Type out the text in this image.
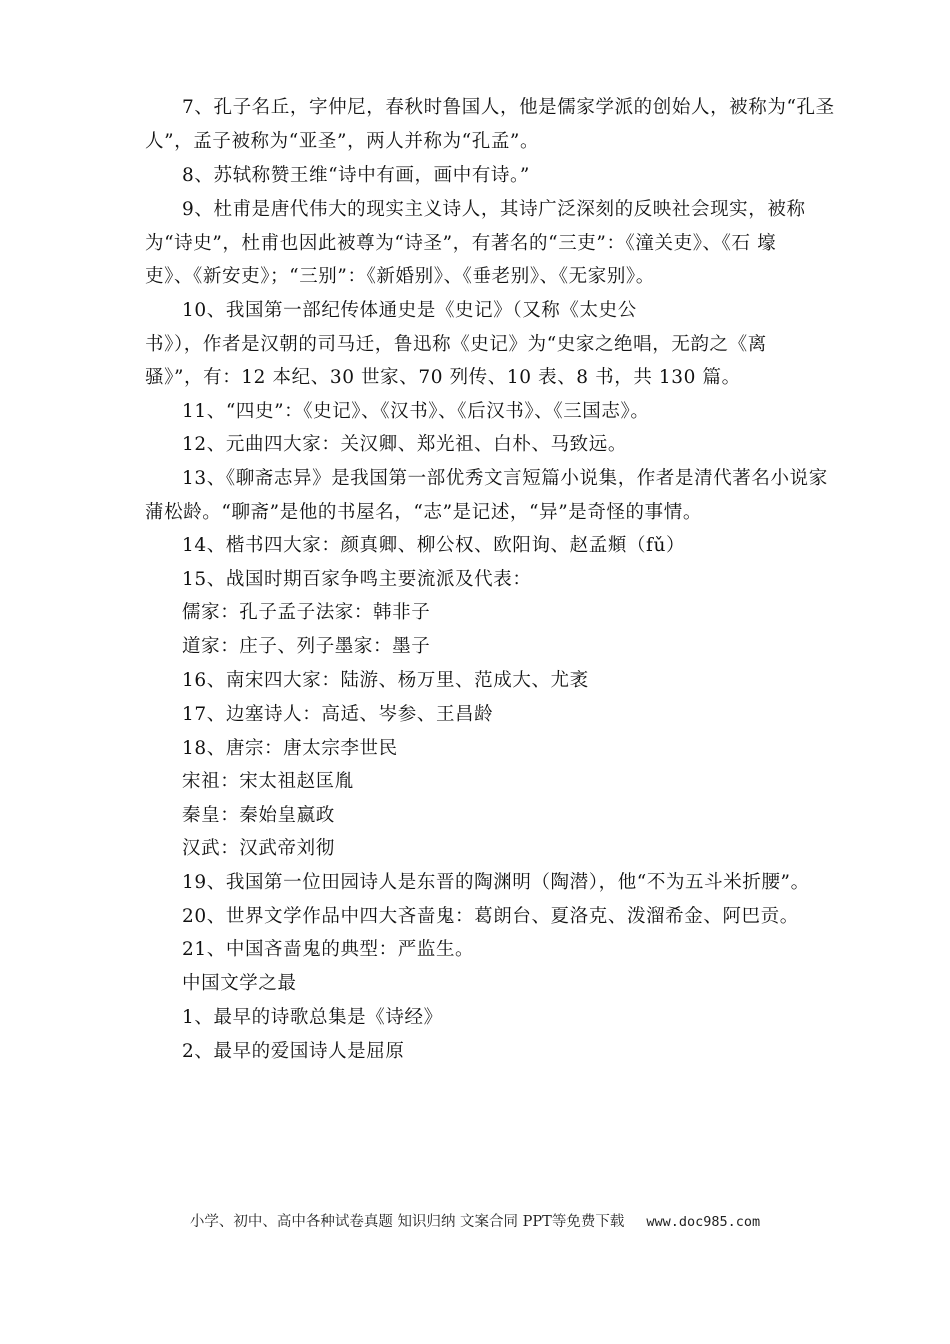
7、孔子名丘，字仲尼，春秋时鲁国人，他是儒家学派的创始人，被称为“孔圣
人”，孟子被称为“亚圣”，两人并称为“孔孟”。
8、苏轼称赞王维“诗中有画，画中有诗。”
9、杜甫是唐代伟大的现实主义诗人，其诗广泛深刻的反映社会现实，被称
为“诗史”，杜甫也因此被尊为“诗圣”，有著名的“三吏”：《潼关吏》、《石 壕
吏》、《新安吏》；“三别”：《新婚别》、《垂老别》、《无家别》。
10、我国第一部纪传体通史是《史记》（又称《太史公
书》），作者是汉朝的司马迁，鲁迅称《史记》为“史家之绝唱，无韵之《离
骚》”，有：12 本纪、30 世家、70 列传、10 表、8 书，共 130 篇。
11、“四史”：《史记》、《汉书》、《后汉书》、《三国志》。
12、元曲四大家：关汉卿、郑光祖、白朴、马致远。
13、《聊斋志异》是我国第一部优秀文言短篇小说集，作者是清代著名小说家
蒲松龄。“聊斋”是他的书屋名，“志”是记述，“异”是奇怪的事情。
14、楷书四大家：颜真卿、柳公权、欧阳询、赵孟頫（fǔ）
15、战国时期百家争鸣主要流派及代表：
儒家：孔子孟子法家：韩非子
道家：庄子、列子墨家：墨子
16、南宋四大家：陆游、杨万里、范成大、尤袤
17、边塞诗人：高适、岑参、王昌龄
18、唐宗：唐太宗李世民
宋祖：宋太祖赵匡胤
秦皇：秦始皇嬴政
汉武：汉武帝刘彻
19、我国第一位田园诗人是东晋的陶渊明（陶潜），他“不为五斗米折腰”。
20、世界文学作品中四大吝啬鬼：葛朗台、夏洛克、泼溜希金、阿巴贡。
21、中国吝啬鬼的典型：严监生。
中国文学之最
1、最早的诗歌总集是《诗经》
2、最早的爱国诗人是屈原
小学、初中、高中各种试卷真题 知识归纳 文案合同 PPT等免费下载 www.doc985.com
